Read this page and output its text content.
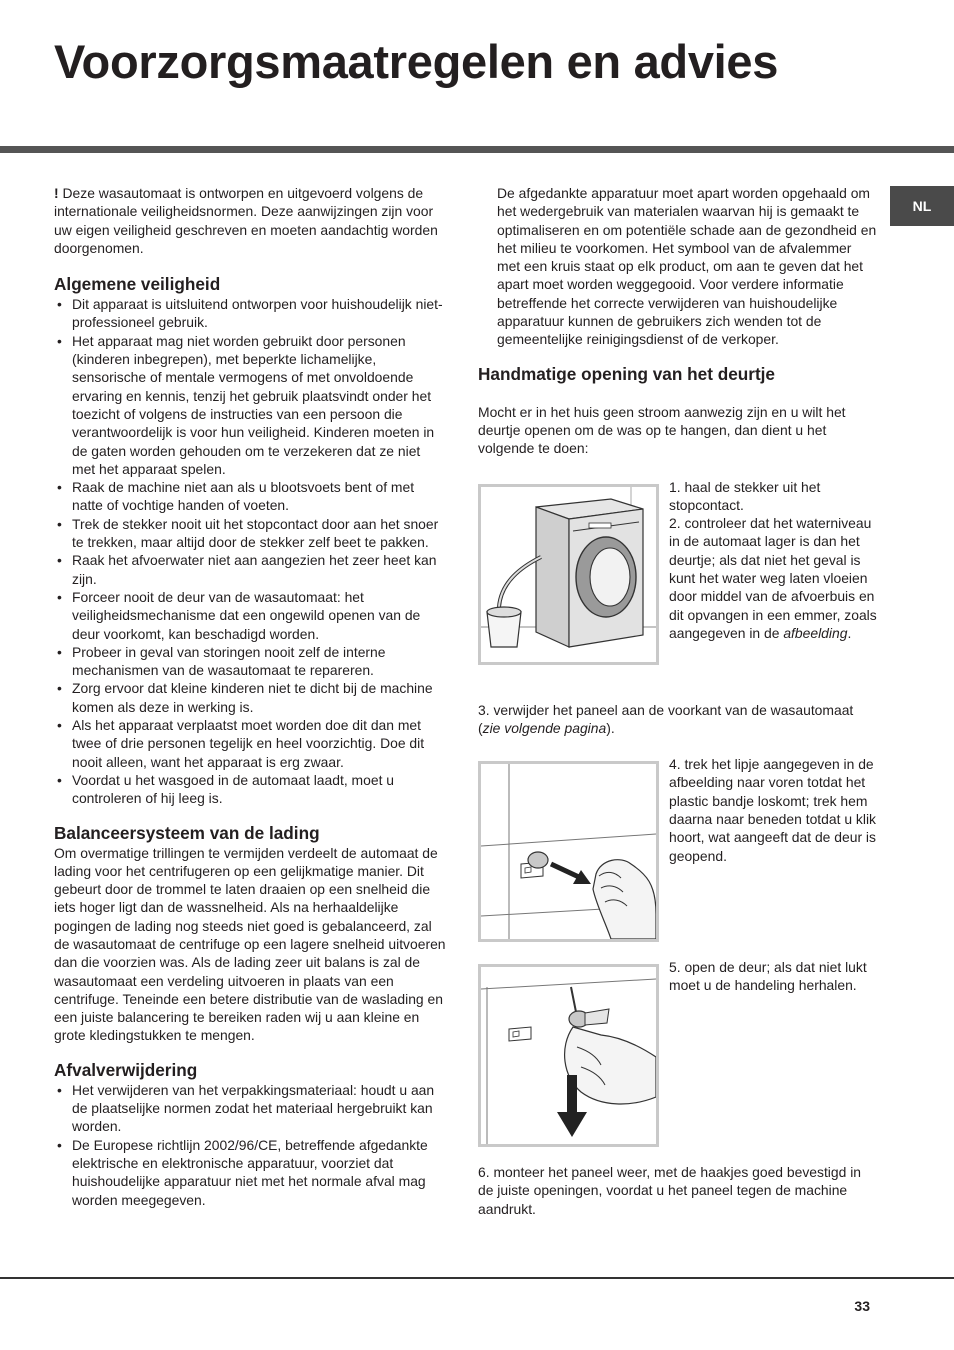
Voorzorgsmaatregelen en advies
NL

! Deze wasautomaat is ontworpen en uitgevoerd volgens de internationale veiligheidsnormen. Deze aanwijzingen zijn voor uw eigen veiligheid geschreven en moeten aandachtig worden doorgenomen.

Algemene veiligheid
• Dit apparaat is uitsluitend ontworpen voor huishoudelijk niet-professioneel gebruik.
• Het apparaat mag niet worden gebruikt door personen (kinderen inbegrepen), met beperkte lichamelijke, sensorische of mentale vermogens of met onvoldoende ervaring en kennis, tenzij het gebruik plaatsvindt onder het toezicht of volgens de instructies van een persoon die verantwoordelijk is voor hun veiligheid. Kinderen moeten in de gaten worden gehouden om te verzekeren dat ze niet met het apparaat spelen.
• Raak de machine niet aan als u blootsvoets bent of met natte of vochtige handen of voeten.
• Trek de stekker nooit uit het stopcontact door aan het snoer te trekken, maar altijd door de stekker zelf beet te pakken.
• Raak het afvoerwater niet aan aangezien het zeer heet kan zijn.
• Forceer nooit de deur van de wasautomaat: het veiligheidsmechanisme dat een ongewild openen van de deur voorkomt, kan beschadigd worden.
• Probeer in geval van storingen nooit zelf de interne mechanismen van de wasautomaat te repareren.
• Zorg ervoor dat kleine kinderen niet te dicht bij de machine komen als deze in werking is.
• Als het apparaat verplaatst moet worden doe dit dan met twee of drie personen tegelijk en heel voorzichtig. Doe dit nooit alleen, want het apparaat is erg zwaar.
• Voordat u het wasgoed in de automaat laadt, moet u controleren of hij leeg is.
Balanceersysteem van de lading

Om overmatige trillingen te vermijden verdeelt de automaat de lading voor het centrifugeren op een gelijkmatige manier. Dit gebeurt door de trommel te laten draaien op een snelheid die iets hoger ligt dan de wassnelheid. Als na herhaaldelijke pogingen de lading nog steeds niet goed is gebalanceerd, zal de wasautomaat de centrifuge op een lagere snelheid uitvoeren dan die voorzien was. Als de lading zeer uit balans is zal de wasautomaat een verdeling uitvoeren in plaats van een centrifuge. Teneinde een betere distributie van de waslading en een juiste balancering te bereiken raden wij u aan kleine en grote kledingstukken te mengen.

Afvalverwijdering
• Het verwijderen van het verpakkingsmateriaal: houdt u aan de plaatselijke normen zodat het materiaal hergebruikt kan worden.
• De Europese richtlijn 2002/96/CE, betreffende afgedankte elektrische en elektronische apparatuur, voorziet dat huishoudelijke apparatuur niet met het normale afval mag worden meegegeven.

De afgedankte apparatuur moet apart worden opgehaald om het wedergebruik van materialen waarvan hij is gemaakt te optimaliseren en om potentiële schade aan de gezondheid en het milieu te voorkomen. Het symbool van de afvalemmer met een kruis staat op elk product, om aan te geven dat het apart moet worden weggegooid. Voor verdere informatie betreffende het correcte verwijderen van huishoudelijke apparatuur kunnen de gebruikers zich wenden tot de gemeentelijke reinigingsdienst of de verkoper.

Handmatige opening van het deurtje

Mocht er in het huis geen stroom aanwezig zijn en u wilt het deurtje openen om de was op te hangen, dan dient u het volgende te doen:

1. haal de stekker uit het stopcontact.

2. controleer dat het waterniveau in de automaat lager is dan het deurtje; als dat niet het geval is kunt het water weg laten vloeien door middel van de afvoerbuis en dit opvangen in een emmer, zoals aangegeven in de afbeelding.

3. verwijder het paneel aan de voorkant van de wasautomaat (zie volgende pagina).

4. trek het lipje aangegeven in de afbeelding naar voren totdat het plastic bandje loskomt; trek hem daarna naar beneden totdat u klik hoort, wat aangeeft dat de deur is geopend.

5. open de deur; als dat niet lukt moet u de handeling herhalen.

6. monteer het paneel weer, met de haakjes goed bevestigd in de juiste openingen, voordat u het paneel tegen de machine aandrukt.

33
